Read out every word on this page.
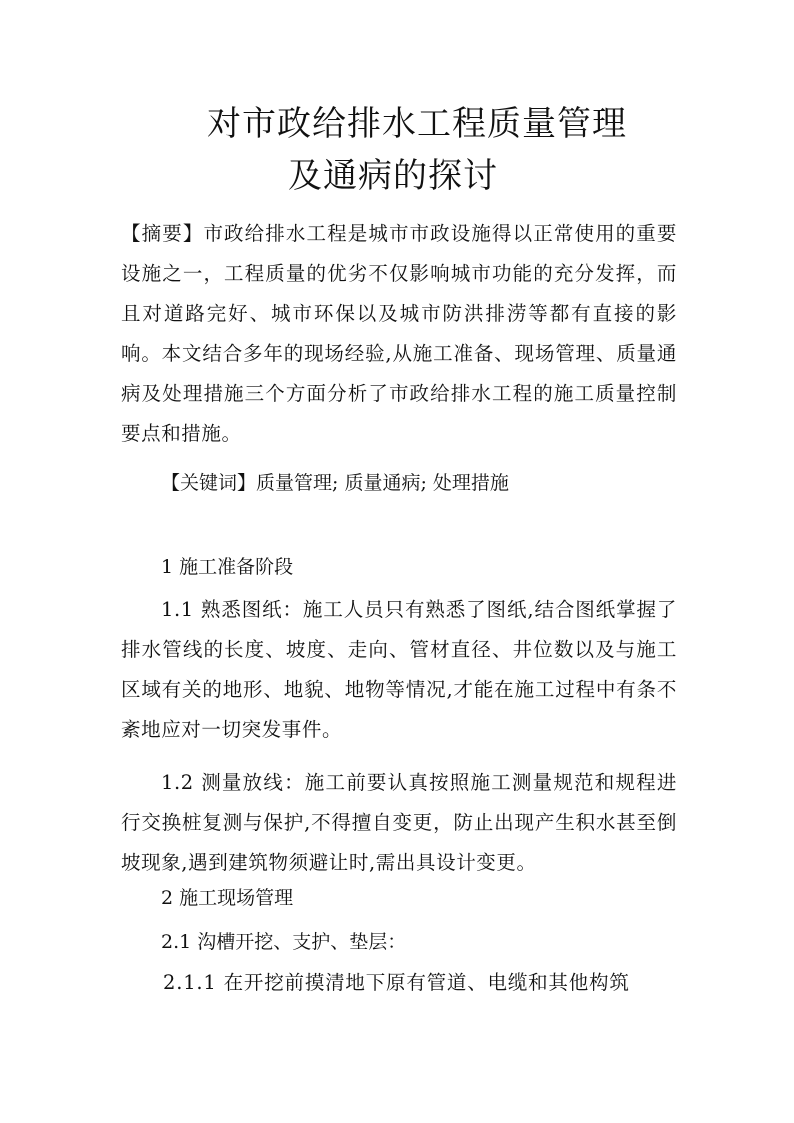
对市政给排水工程质量管理
及通病的探讨
【摘要】市政给排水工程是城市市政设施得以正常使用的重要设施之一，工程质量的优劣不仅影响城市功能的充分发挥，而且对道路完好、城市环保以及城市防洪排涝等都有直接的影响。本文结合多年的现场经验,从施工准备、现场管理、质量通病及处理措施三个方面分析了市政给排水工程的施工质量控制要点和措施。
【关键词】质量管理; 质量通病; 处理措施
1 施工准备阶段
1.1 熟悉图纸：施工人员只有熟悉了图纸,结合图纸掌握了排水管线的长度、坡度、走向、管材直径、井位数以及与施工区域有关的地形、地貌、地物等情况,才能在施工过程中有条不紊地应对一切突发事件。
1.2 测量放线：施工前要认真按照施工测量规范和规程进行交换桩复测与保护,不得擅自变更，防止出现产生积水甚至倒坡现象,遇到建筑物须避让时,需出具设计变更。
2 施工现场管理
2.1 沟槽开挖、支护、垫层：
2.1.1 在开挖前摸清地下原有管道、电缆和其他构筑
